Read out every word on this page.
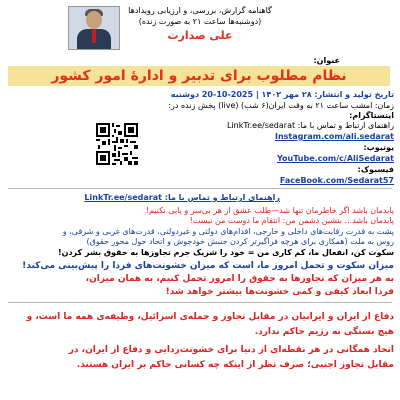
گاهنامه گزارش، بررسی، و ارزیابی رویدادها
(دوشنبه‌ها ساعت ۲۱ به صورت زنده)
علی صدارت
عنوان:
نظام مطلوب برای تدبیر و ادارهٔ امور کشور
تاریخ تولید و انتشار: ۲۸ مهر ۱۴۰۲ | 2025-10-20 دوشنبه
زمان: امشب ساعت ۲۱ به وقت ایران(۶ شب) (live) پخش زنده در:
اینستاگرام:
راهنمای ارتباط و تماس با ما: LinkTr.ee/sedarat
Instagram.com/ali.sedarat
یوتیوب:
YouTube.com/c/AliSedarat
فیسبوک:
FaceBook.com/Sedarat57
راهنمای ارتباط و تماس با ما: LinkTr.ee/sedarat
پایدمان باشد اگر خاطرمان تنها شد—طلب عشق از هر بی‌سر و پایی نکنیم!
پایدمان باشد... بنشین دشمن من: انتقام ما دوست من نیست!
پشت به قدرت رقابت‌های داخلی و خارجی، اقدام‌های دولتی و غیردولتی، قدرت‌های غربی و شرقی، و
روس به ملت (همکاری برای هرچه فراگیرتر کردن جنبش خودجوش و اتحاد حول محور حقوق)
سکوت کن، انفعال ما، کم کاری من = خود را شریک جرم تجاوزها به حقوق بشر کردن!
میزان سکوت و تحمل امروز ما، است که میزان خشونت‌های فردا را پیش‌بینی می‌کند!
به هر میزان که تجاوزها به حقوق را امروز تحمل کنیم، به همان میزان،
فردا ابعاد کیفی و کمی خشونت‌ها بیشتر خواهد شد!
دفاع از ایران و ایرانیان در مقابل تجاوز و حمله‌ی اسرائیل، وظیفه‌ی همه ما است، و
هیچ بستگی به رژیم حاکم ندارد.
اتحاد همگانی در هر نقطه‌ای از دنیا برای خشونت‌زدایی و دفاع از ایران، در
مقابل تجاوز اجنبی؛ صرف نظر از اینکه چه کسانی حاکم بر ایران هستند.
